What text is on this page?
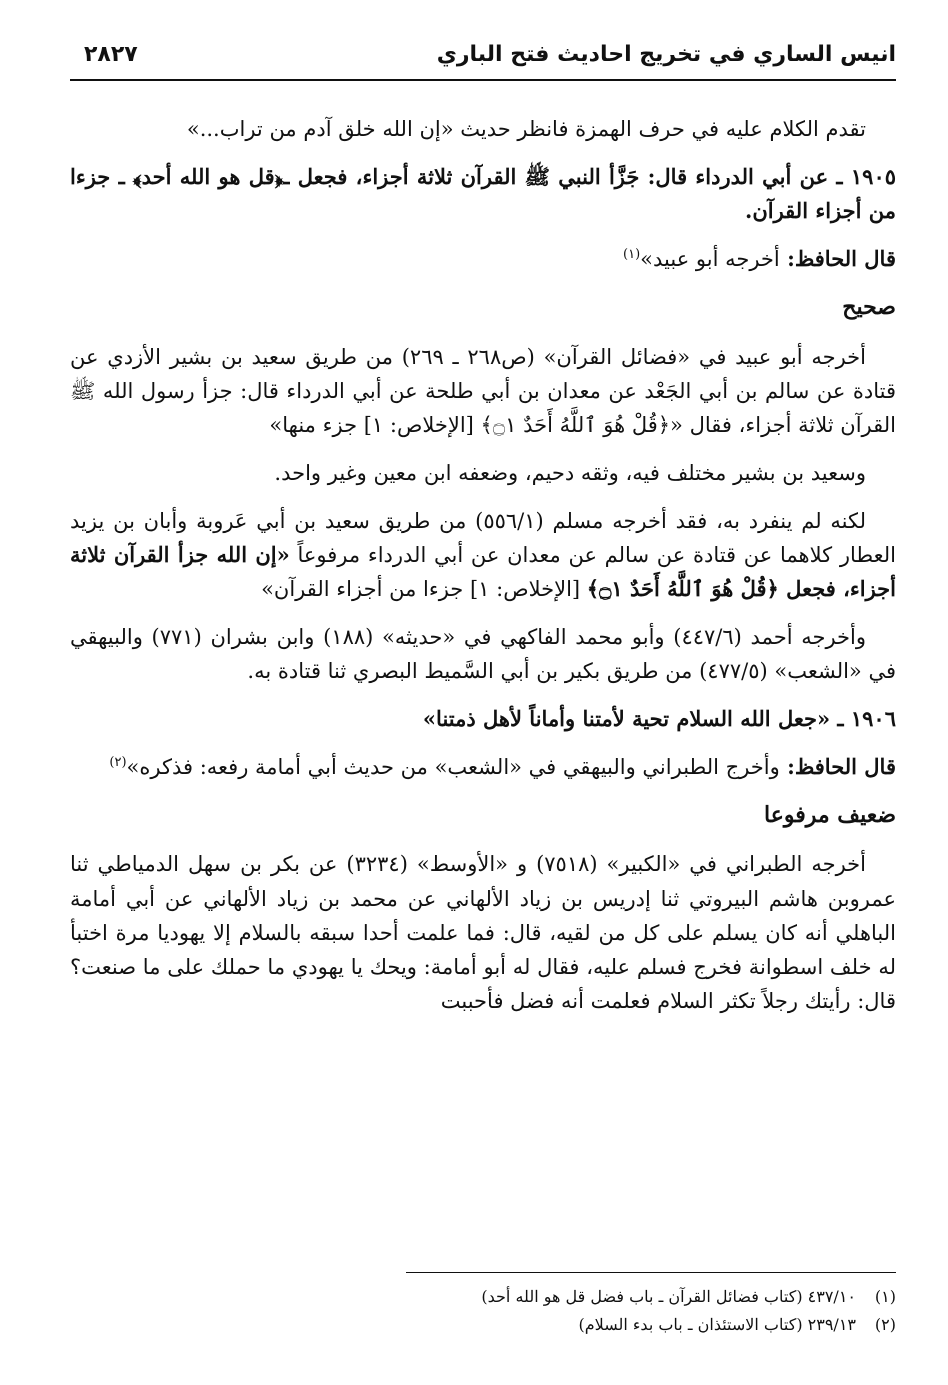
انيس الساري في تخريج احاديث فتح الباري
٢٨٢٧

تقدم الكلام عليه في حرف الهمزة فانظر حديث «إن الله خلق آدم من تراب...»

١٩٠٥ ـ عن أبي الدرداء قال: جَزَّأ النبي ﷺ القرآن ثلاثة أجزاء، فجعل ـ﴿قل هو الله أحد﴾ ـ جزءا من أجزاء القرآن.

قال الحافظ: أخرجه أبو عبيد»$^{(١)}$

صحيح

أخرجه أبو عبيد في «فضائل القرآن» (ص٢٦٨ ـ ٢٦٩) من طريق سعيد بن بشير الأزدي عن قتادة عن سالم بن أبي الجَعْد عن معدان بن أبي طلحة عن أبي الدرداء قال: جزأ رسول الله ﷺ القرآن ثلاثة أجزاء، فقال «﴿قُلْ هُوَ ٱللَّهُ أَحَدٌ ۝١﴾ [الإخلاص: ١] جزء منها»

وسعيد بن بشير مختلف فيه، وثقه دحيم، وضعفه ابن معين وغير واحد.

لكنه لم ينفرد به، فقد أخرجه مسلم (٥٥٦/١) من طريق سعيد بن أبي عَروبة وأبان بن يزيد العطار كلاهما عن قتادة عن سالم عن معدان عن أبي الدرداء مرفوعاً «إن الله جزأ القرآن ثلاثة أجزاء، فجعل ﴿قُلْ هُوَ ٱللَّهُ أَحَدٌ ۝١﴾ [الإخلاص: ١] جزءا من أجزاء القرآن»

وأخرجه أحمد (٤٤٧/٦) وأبو محمد الفاكهي في «حديثه» (١٨٨) وابن بشران (٧٧١) والبيهقي في «الشعب» (٤٧٧/٥) من طريق بكير بن أبي السَّميط البصري ثنا قتادة به.

١٩٠٦ ـ «جعل الله السلام تحية لأمتنا وأماناً لأهل ذمتنا»

قال الحافظ: وأخرج الطبراني والبيهقي في «الشعب» من حديث أبي أمامة رفعه: فذكره»$^{(٢)}$

ضعيف مرفوعا

أخرجه الطبراني في «الكبير» (٧٥١٨) و «الأوسط» (٣٢٣٤) عن بكر بن سهل الدمياطي ثنا عمروبن هاشم البيروتي ثنا إدريس بن زياد الألهاني عن محمد بن زياد الألهاني عن أبي أمامة الباهلي أنه كان يسلم على كل من لقيه، قال: فما علمت أحدا سبقه بالسلام إلا يهوديا مرة اختبأ له خلف اسطوانة فخرج فسلم عليه، فقال له أبو أمامة: ويحك يا يهودي ما حملك على ما صنعت؟ قال: رأيتك رجلاً تكثر السلام فعلمت أنه فضل فأحببت

(١)
٤٣٧/١٠ (كتاب فضائل القرآن ـ باب فضل قل هو الله أحد)
(٢)
٢٣٩/١٣ (كتاب الاستئذان ـ باب بدء السلام)
